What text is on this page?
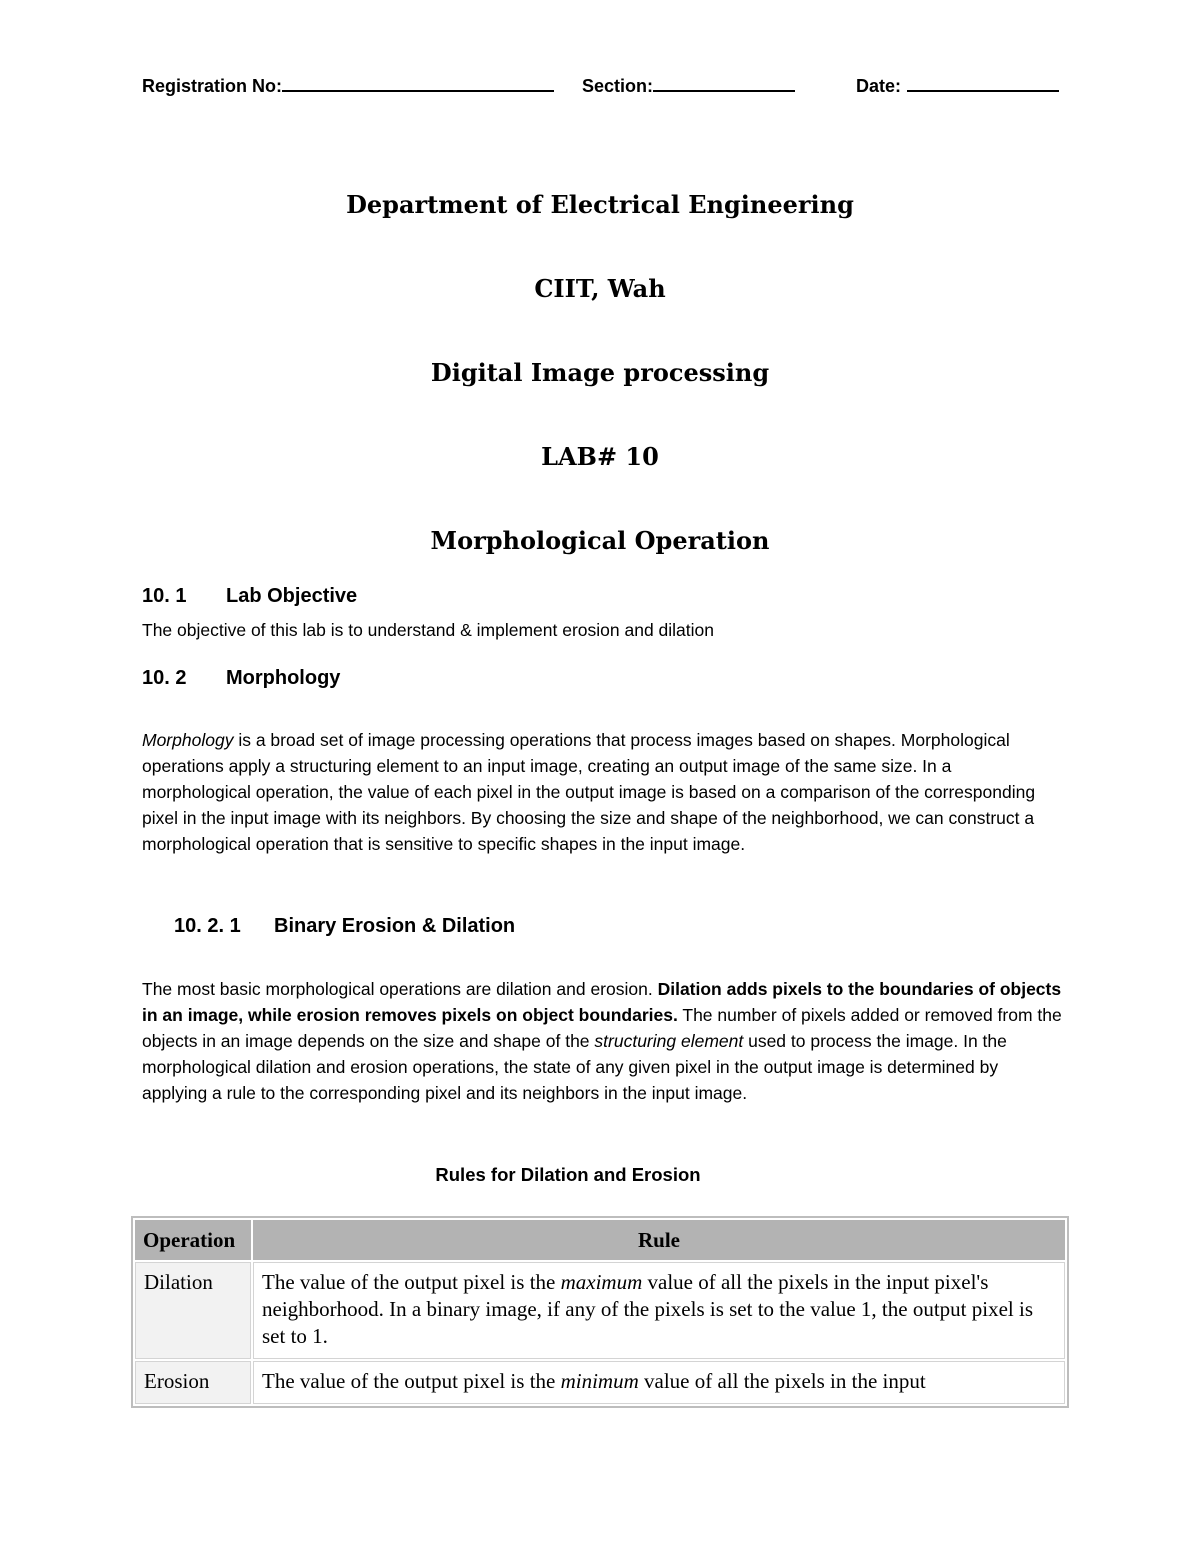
Registration No:	Section:	Date:
Department of Electrical Engineering
CIIT, Wah
Digital Image processing
LAB# 10
Morphological Operation
10. 1 Lab Objective
The objective of this lab is to understand & implement erosion and dilation
10. 2 Morphology
Morphology is a broad set of image processing operations that process images based on shapes. Morphological operations apply a structuring element to an input image, creating an output image of the same size. In a morphological operation, the value of each pixel in the output image is based on a comparison of the corresponding pixel in the input image with its neighbors. By choosing the size and shape of the neighborhood, we can construct a morphological operation that is sensitive to specific shapes in the input image.
10. 2. 1 Binary Erosion & Dilation
The most basic morphological operations are dilation and erosion. Dilation adds pixels to the boundaries of objects in an image, while erosion removes pixels on object boundaries. The number of pixels added or removed from the objects in an image depends on the size and shape of the structuring element used to process the image. In the morphological dilation and erosion operations, the state of any given pixel in the output image is determined by applying a rule to the corresponding pixel and its neighbors in the input image.
Rules for Dilation and Erosion
Operation	Rule
Dilation	The value of the output pixel is the maximum value of all the pixels in the input pixel's neighborhood. In a binary image, if any of the pixels is set to the value 1, the output pixel is set to 1.
Erosion	The value of the output pixel is the minimum value of all the pixels in the input
